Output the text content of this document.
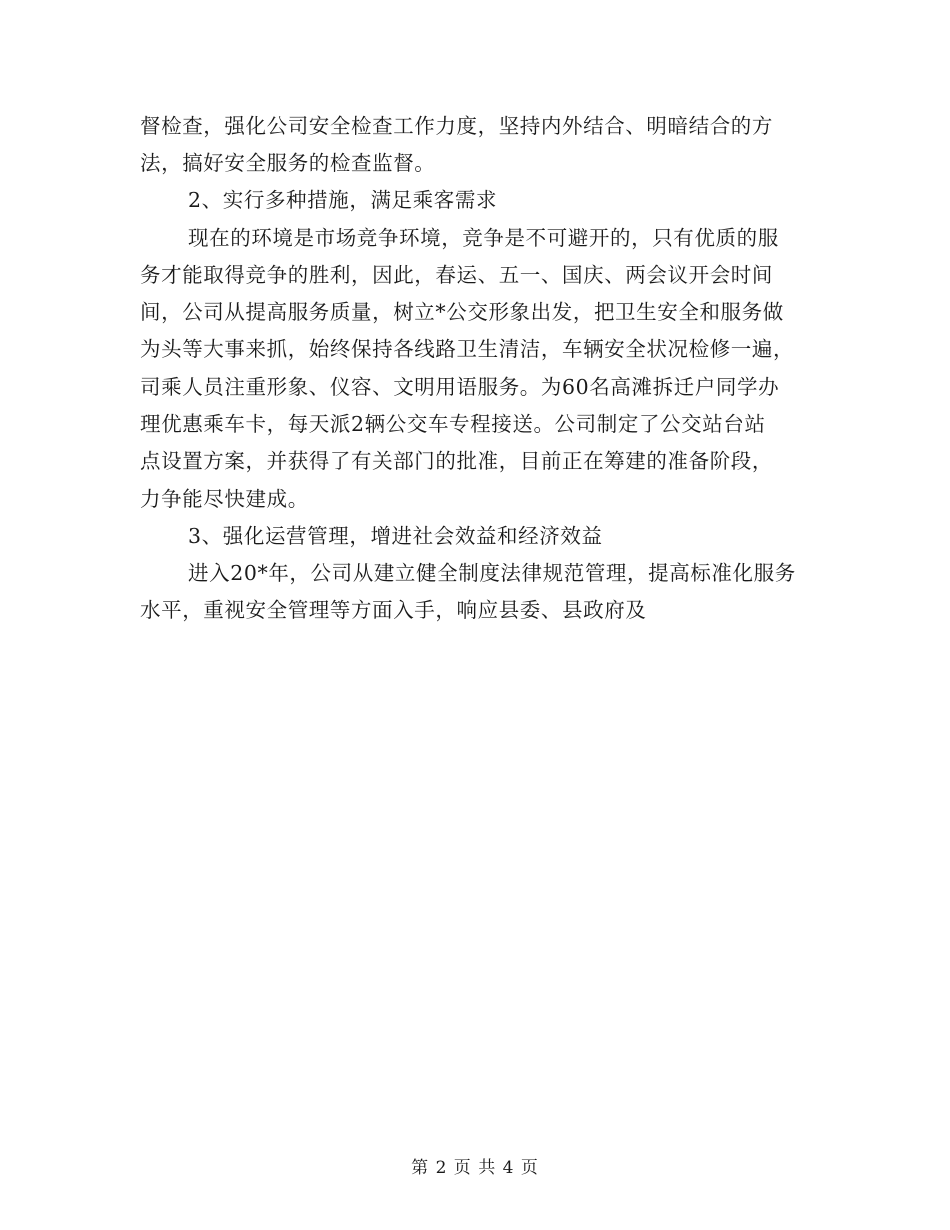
督检查，强化公司安全检查工作力度，坚持内外结合、明暗结合的方
法，搞好安全服务的检查监督。
2、实行多种措施，满足乘客需求
现在的环境是市场竞争环境，竞争是不可避开的，只有优质的服
务才能取得竞争的胜利，因此，春运、五一、国庆、两会议开会时间
间，公司从提高服务质量，树立*公交形象出发，把卫生安全和服务做
为头等大事来抓，始终保持各线路卫生清洁，车辆安全状况检修一遍，
司乘人员注重形象、仪容、文明用语服务。为60名高滩拆迁户同学办
理优惠乘车卡，每天派2辆公交车专程接送。公司制定了公交站台站
点设置方案，并获得了有关部门的批准，目前正在筹建的准备阶段，
力争能尽快建成。
3、强化运营管理，增进社会效益和经济效益
进入20*年，公司从建立健全制度法律规范管理，提高标准化服务
水平，重视安全管理等方面入手，响应县委、县政府及
第 2 页 共 4 页
